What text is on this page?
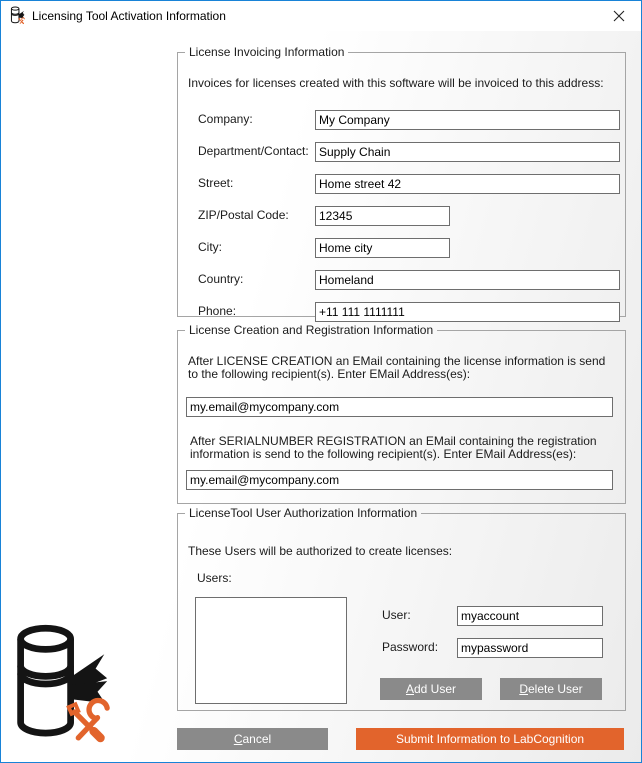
Licensing Tool Activation Information
License Invoicing Information
Invoices for licenses created with this software will be invoiced to this address:
Company:
My Company
Department/Contact:
Supply Chain
Street:
Home street 42
ZIP/Postal Code:
12345
City:
Home city
Country:
Homeland
Phone:
+11 111 1111111
License Creation and Registration Information
After LICENSE CREATION an EMail containing the license information is send to the following recipient(s). Enter EMail Address(es):
my.email@mycompany.com
After SERIALNUMBER REGISTRATION an EMail containing the registration information is send to the following recipient(s). Enter EMail Address(es):
my.email@mycompany.com
LicenseTool User Authorization Information
These Users will be authorized to create licenses:
Users:
User:
myaccount
Password:
mypassword
Add User	Delete User
Cancel	Submit Information to LabCognition
